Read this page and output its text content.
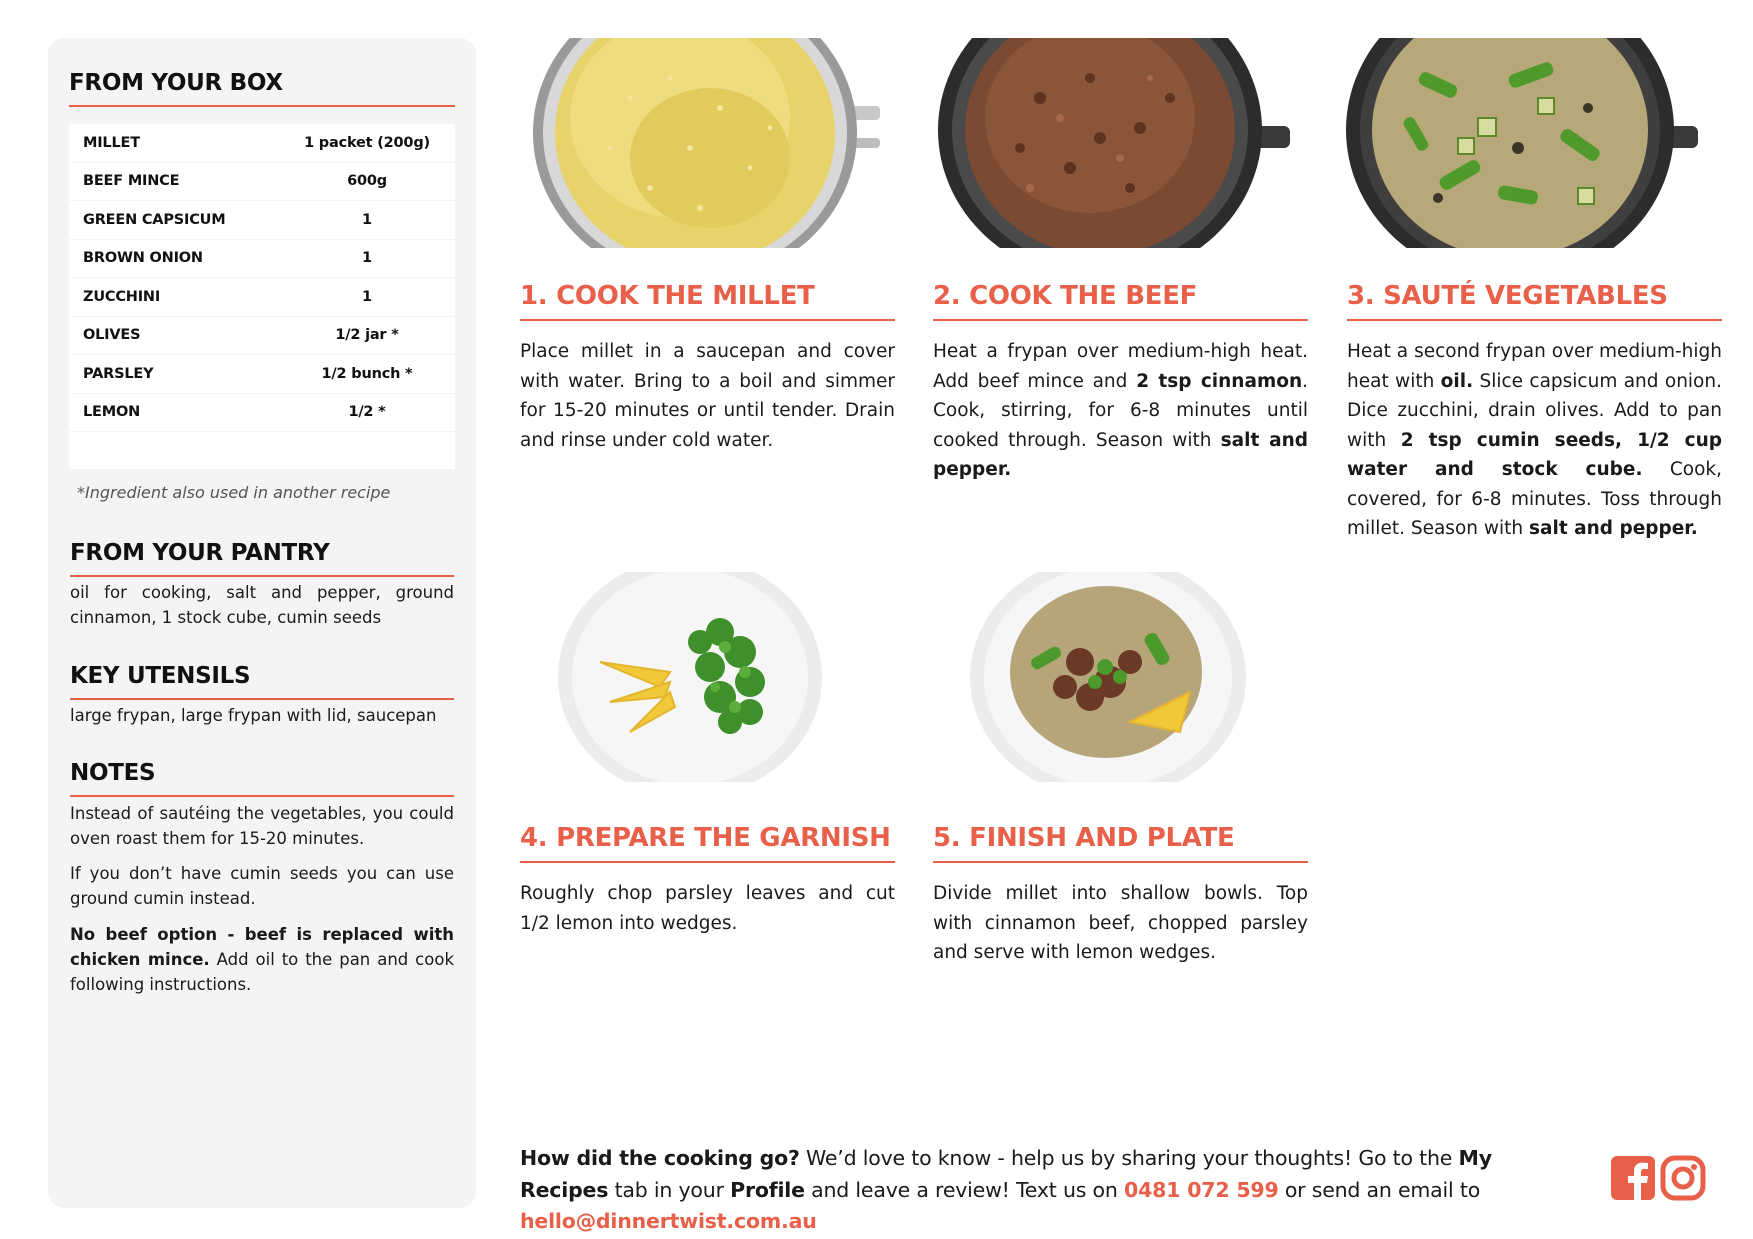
FROM YOUR BOX
MILLET	1 packet (200g)
BEEF MINCE	600g
GREEN CAPSICUM	1
BROWN ONION	1
ZUCCHINI	1
OLIVES	1/2 jar *
PARSLEY	1/2 bunch *
LEMON	1/2 *
*Ingredient also used in another recipe
FROM YOUR PANTRY
oil for cooking, salt and pepper, ground cinnamon, 1 stock cube, cumin seeds
KEY UTENSILS
large frypan, large frypan with lid, saucepan
NOTES
Instead of sautéing the vegetables, you could oven roast them for 15-20 minutes.
If you don’t have cumin seeds you can use ground cumin instead.
No beef option - beef is replaced with chicken mince. Add oil to the pan and cook following instructions.
1. COOK THE MILLET
Place millet in a saucepan and cover with water. Bring to a boil and simmer for 15-20 minutes or until tender. Drain and rinse under cold water.
2. COOK THE BEEF
Heat a frypan over medium-high heat. Add beef mince and 2 tsp cinnamon. Cook, stirring, for 6-8 minutes until cooked through. Season with salt and pepper.
3. SAUTÉ VEGETABLES
Heat a second frypan over medium-high heat with oil. Slice capsicum and onion. Dice zucchini, drain olives. Add to pan with 2 tsp cumin seeds, 1/2 cup water and stock cube. Cook, covered, for 6-8 minutes. Toss through millet. Season with salt and pepper.
4. PREPARE THE GARNISH
Roughly chop parsley leaves and cut 1/2 lemon into wedges.
5. FINISH AND PLATE
Divide millet into shallow bowls. Top with cinnamon beef, chopped parsley and serve with lemon wedges.
How did the cooking go? We’d love to know - help us by sharing your thoughts! Go to the My Recipes tab in your Profile and leave a review! Text us on 0481 072 599 or send an email to hello@dinnertwist.com.au
